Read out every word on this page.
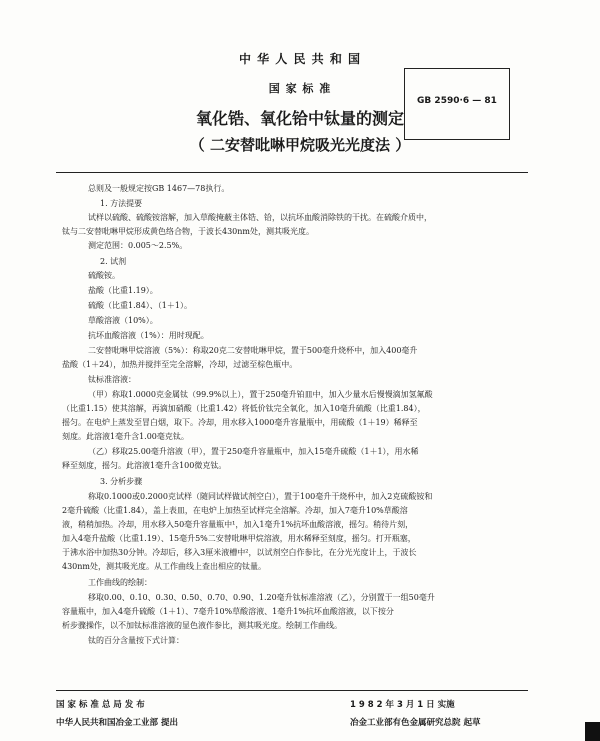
中 华 人 民 共 和 国
国 家 标 准
氧化锆、氧化铪中钛量的测定
（ 二安替吡啉甲烷吸光光度法 ）
GB 2590·6 — 81
总则及一般规定按GB 1467—78执行。
1. 方法提要
试样以硫酸、硫酸铵溶解，加入草酸掩蔽主体锆、铪，以抗坏血酸消除铁的干扰。在硫酸介质中，
钛与二安替吡啉甲烷形成黄色络合物，于波长430nm处，测其吸光度。
测定范围：0.005～2.5%。
2. 试剂
硫酸铵。
盐酸（比重1.19）。
硫酸（比重1.84）、（1＋1）。
草酸溶液（10%）。
抗坏血酸溶液（1%）：用时现配。
二安替吡啉甲烷溶液（5%）：称取20克二安替吡啉甲烷，置于500毫升烧杯中，加入400毫升
盐酸（1＋24），加热并搅拌至完全溶解，冷却，过滤至棕色瓶中。
钛标准溶液：
（甲）称取1.0000克金属钛（99.9%以上），置于250毫升铂皿中，加入少量水后慢慢滴加氢氟酸
（比重1.15）使其溶解，再滴加硝酸（比重1.42）将低价钛完全氧化，加入10毫升硫酸（比重1.84），
摇匀。在电炉上蒸发至冒白烟，取下。冷却，用水移入1000毫升容量瓶中，用硫酸（1＋19）稀释至
刻度。此溶液1毫升含1.00毫克钛。
（乙）移取25.00毫升溶液（甲），置于250毫升容量瓶中，加入15毫升硫酸（1＋1），用水稀
释至刻度，摇匀。此溶液1毫升含100微克钛。
3. 分析步骤
称取0.1000或0.2000克试样（随同试样做试剂空白），置于100毫升干烧杯中，加入2克硫酸铵和
2毫升硫酸（比重1.84），盖上表皿，在电炉上加热至试样完全溶解。冷却，加入7毫升10%草酸溶
液，稍稍加热。冷却，用水移入50毫升容量瓶中¹，加入1毫升1%抗坏血酸溶液，摇匀。稍待片刻，
加入4毫升盐酸（比重1.19）、15毫升5%二安替吡啉甲烷溶液，用水稀释至刻度，摇匀。打开瓶塞，
于沸水浴中加热30分钟。冷却后，移入3厘米液槽中²，以试剂空白作参比，在分光光度计上，于波长
430nm处，测其吸光度。从工作曲线上查出相应的钛量。
工作曲线的绘制：
移取0.00、0.10、0.30、0.50、0.70、0.90、1.20毫升钛标准溶液（乙），分别置于一组50毫升
容量瓶中，加入4毫升硫酸（1＋1）、7毫升10%草酸溶液、1毫升1%抗坏血酸溶液，以下按分
析步骤操作，以不加钛标准溶液的显色液作参比，测其吸光度。绘制工作曲线。
钛的百分含量按下式计算：
国 家 标 准 总 局 发 布	1 9 8 2 年 3 月 1 日 实施
中华人民共和国冶金工业部 提出	冶金工业部有色金属研究总院 起草
